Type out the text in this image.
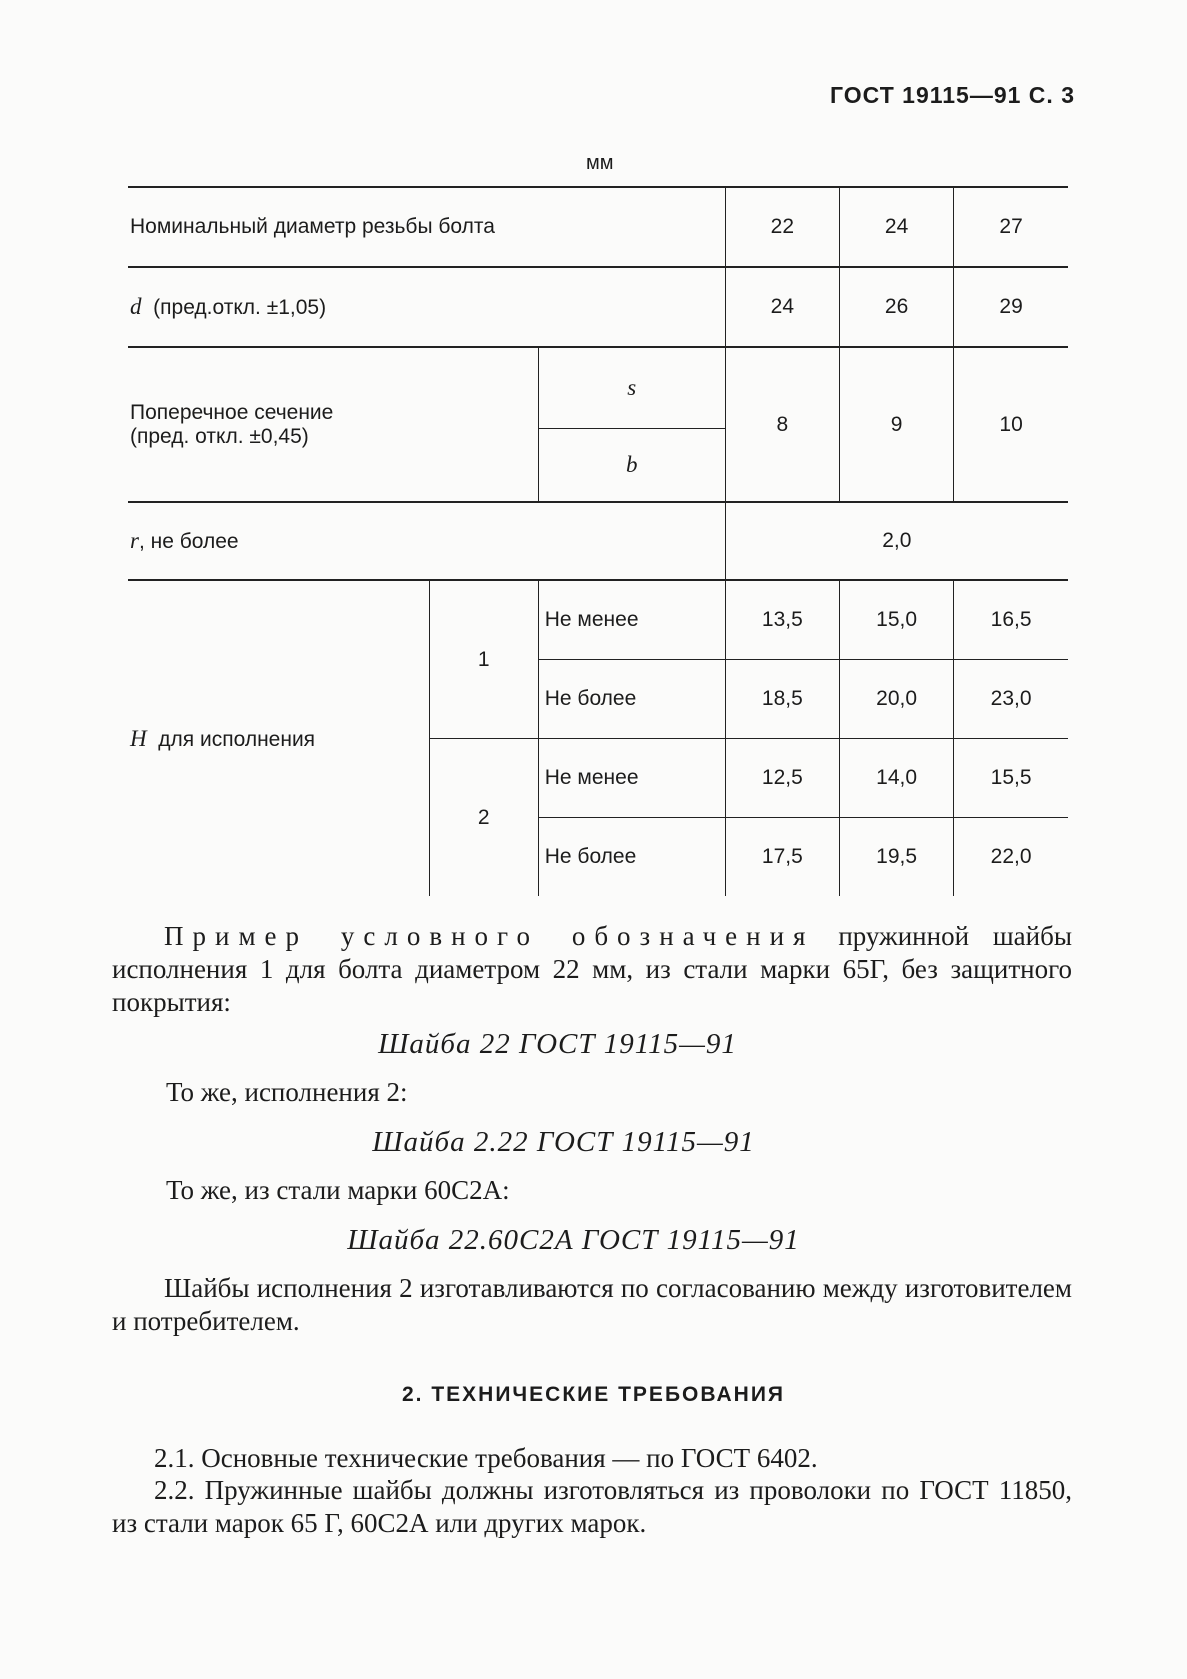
ГОСТ 19115—91 С. 3
мм
Номинальный диаметр резьбы болта			22	24	27
d (пред.откл. ±1,05)			24	26	29

Поперечное сечение
(пред. откл. ±0,45)		s	8	9	10
		b			
r, не более			2,0		
H для исполнения	1	Не менее	13,5	15,0	16,5
		Не более	18,5	20,0	23,0
	2	Не менее	12,5	14,0	15,5
		Не более	17,5	19,5	22,0
Пример условного обозначения пружинной шайбы исполнения 1 для болта диаметром 22 мм, из стали марки 65Г, без защитного покрытия:
Шайба 22 ГОСТ 19115—91
То же, исполнения 2:
Шайба 2.22 ГОСТ 19115—91
То же, из стали марки 60С2А:
Шайба 22.60С2А ГОСТ 19115—91
Шайбы исполнения 2 изготавливаются по согласованию между изготовителем и потребителем.
2. ТЕХНИЧЕСКИЕ ТРЕБОВАНИЯ
2.1. Основные технические требования — по ГОСТ 6402.
2.2. Пружинные шайбы должны изготовляться из проволоки по ГОСТ 11850, из стали марок 65 Г, 60С2А или других марок.
